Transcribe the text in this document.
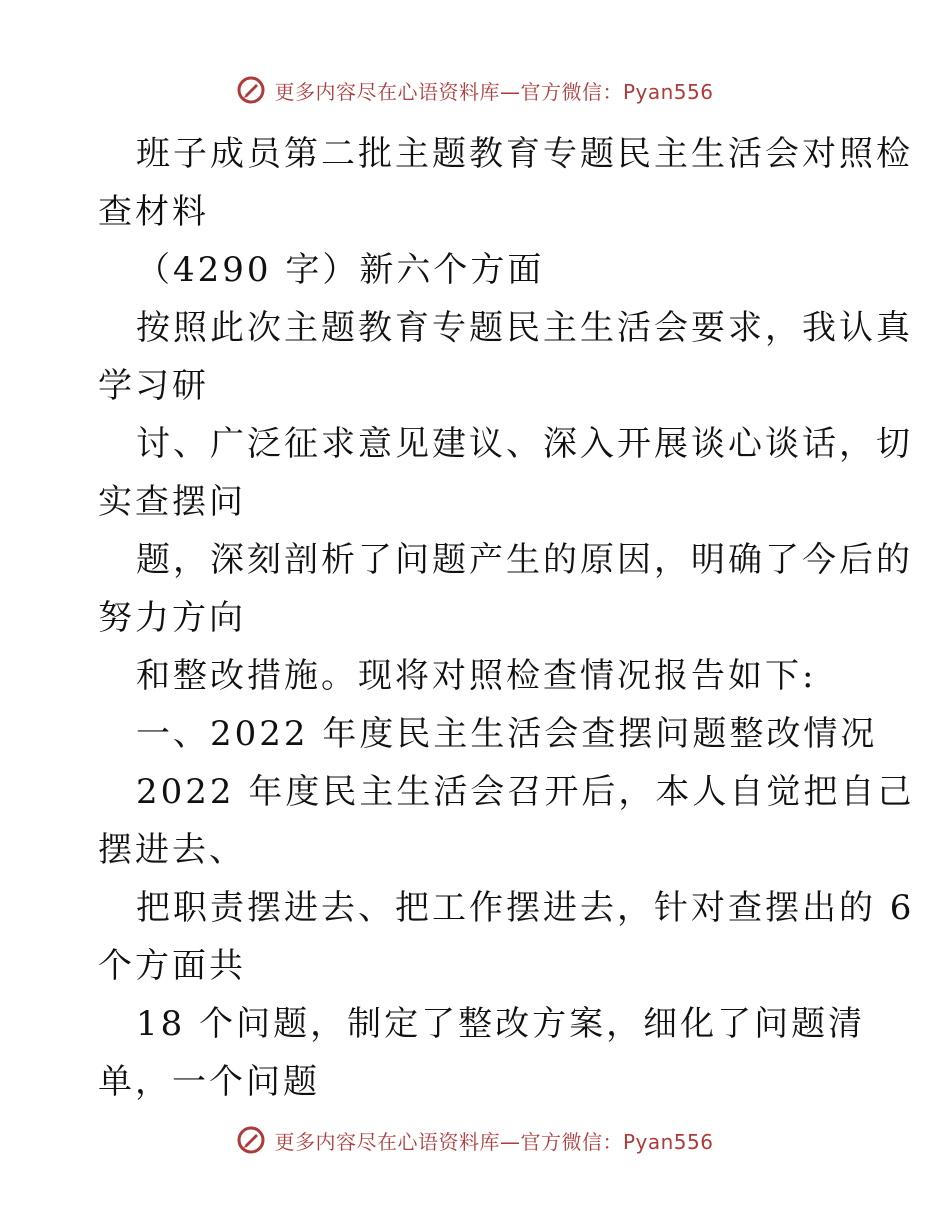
更多内容尽在心语资料库—官方微信：Pyan556
班子成员第二批主题教育专题民主生活会对照检
查材料
（4290 字）新六个方面
按照此次主题教育专题民主生活会要求，我认真
学习研
讨、广泛征求意见建议、深入开展谈心谈话，切
实查摆问
题，深刻剖析了问题产生的原因，明确了今后的
努力方向
和整改措施。现将对照检查情况报告如下:
一、2022 年度民主生活会查摆问题整改情况
2022 年度民主生活会召开后，本人自觉把自己
摆进去、
把职责摆进去、把工作摆进去，针对查摆出的 6
个方面共
18 个问题，制定了整改方案，细化了问题清
单，一个问题
更多内容尽在心语资料库—官方微信：Pyan556
